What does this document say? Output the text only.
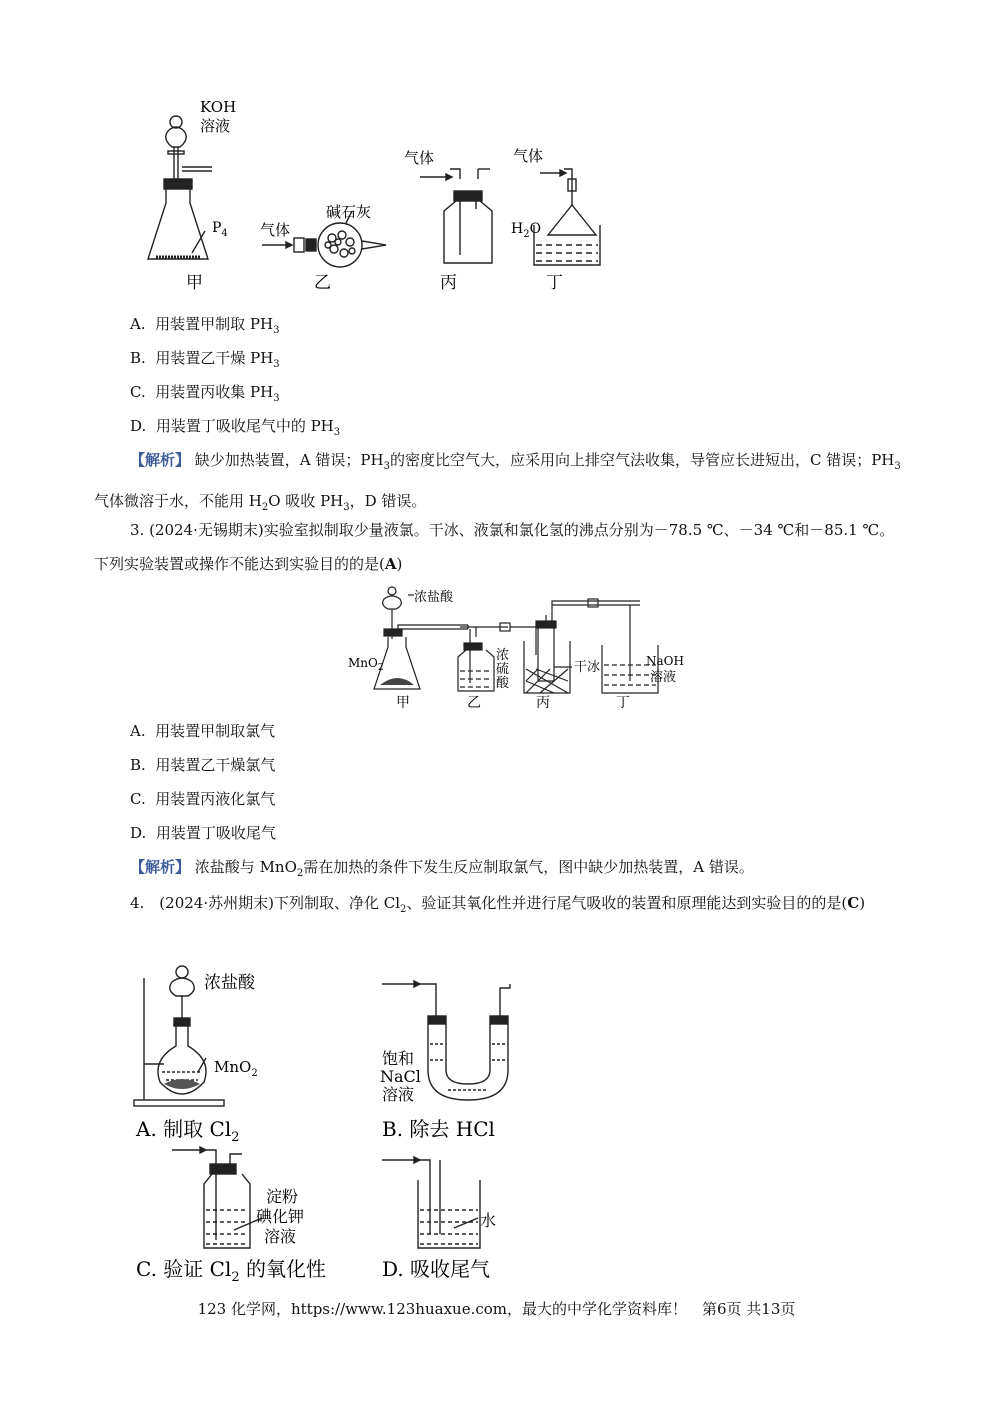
KOH
溶液
$P_4$ 气体
碱石灰
气体	气体
$H_2O$
甲	乙	丙	丁
A. 用装置甲制取 $PH_3$
B. 用装置乙干燥 $PH_3$
C. 用装置丙收集 $PH_3$
D. 用装置丁吸收尾气中的 $PH_3$
【解析】 缺少加热装置，A 错误；$PH_3$的密度比空气大，应采用向上排空气法收集，导管应长进短出，C 错误；$PH_3$气体微溶于水，不能用 $H_2O$ 吸收 $PH_3$，D 错误。
3. (2024·无锡期末)实验室拟制取少量液氯。干冰、液氯和氯化氢的沸点分别为－78.5 ℃、－34 ℃和－85.1 ℃。下列实验装置或操作不能达到实验目的的是(A)
浓盐酸
MnO$_2$
浓
硫
酸
干冰	NaOH
溶液
甲	乙	丙	丁
A. 用装置甲制取氯气
B. 用装置乙干燥氯气
C. 用装置丙液化氯气
D. 用装置丁吸收尾气
【解析】 浓盐酸与 MnO$_2$需在加热的条件下发生反应制取氯气，图中缺少加热装置，A 错误。
4.　(2024·苏州期末)下列制取、净化 $Cl_2$、验证其氧化性并进行尾气吸收的装置和原理能达到实验目的的是(C)
浓盐酸
MnO$_2$
饱和
NaCl
溶液
淀粉
碘化钾
溶液
水
A. 制取 $Cl_2$	B. 除去 HCl
C. 验证 $Cl_2$ 的氧化性	D. 吸收尾气
123 化学网，https://www.123huaxue.com，最大的中学化学资料库！　第6页 共13页
